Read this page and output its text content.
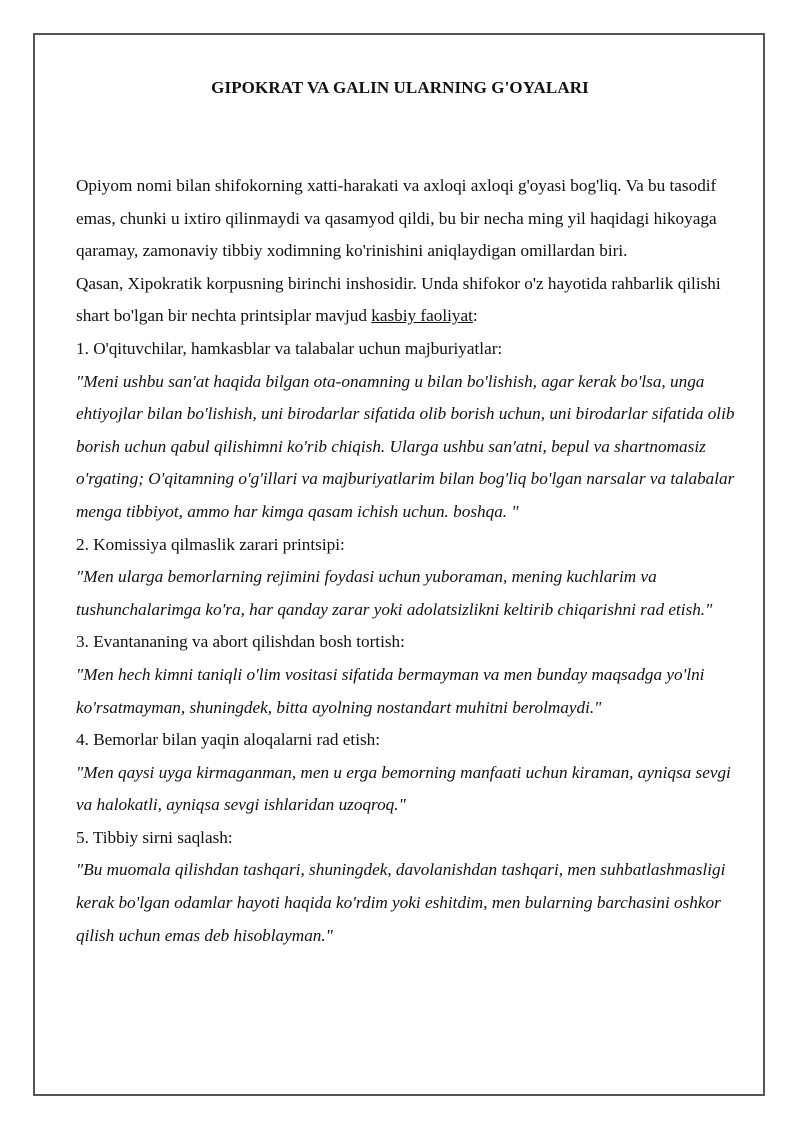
GIPOKRAT VA GALIN ULARNING G'OYALARI

Opiyom nomi bilan shifokorning xatti-harakati va axloqi axloqi g'oyasi bog'liq. Va bu tasodif emas, chunki u ixtiro qilinmaydi va qasamyod qildi, bu bir necha ming yil haqidagi hikoyaga qaramay, zamonaviy tibbiy xodimning ko'rinishini aniqlaydigan omillardan biri.

Qasan, Xipokratik korpusning birinchi inshosidir. Unda shifokor o'z hayotida rahbarlik qilishi shart bo'lgan bir nechta printsiplar mavjud kasbiy faoliyat:

1. O'qituvchilar, hamkasblar va talabalar uchun majburiyatlar:

"Meni ushbu san'at haqida bilgan ota-onamning u bilan bo'lishish, agar kerak bo'lsa, unga ehtiyojlar bilan bo'lishish, uni birodarlar sifatida olib borish uchun, uni birodarlar sifatida olib borish uchun qabul qilishimni ko'rib chiqish. Ularga ushbu san'atni, bepul va shartnomasiz o'rgating; O'qitamning o'g'illari va majburiyatlarim bilan bog'liq bo'lgan narsalar va talabalar menga tibbiyot, ammo har kimga qasam ichish uchun. boshqa. "

2. Komissiya qilmaslik zarari printsipi:

"Men ularga bemorlarning rejimini foydasi uchun yuboraman, mening kuchlarim va tushunchalarimga ko'ra, har qanday zarar yoki adolatsizlikni keltirib chiqarishni rad etish."

3. Evantananing va abort qilishdan bosh tortish:

"Men hech kimni taniqli o'lim vositasi sifatida bermayman va men bunday maqsadga yo'lni ko'rsatmayman, shuningdek, bitta ayolning nostandart muhitni berolmaydi."

4. Bemorlar bilan yaqin aloqalarni rad etish:

"Men qaysi uyga kirmaganman, men u erga bemorning manfaati uchun kiraman, ayniqsa sevgi va halokatli, ayniqsa sevgi ishlaridan uzoqroq."

5. Tibbiy sirni saqlash:

"Bu muomala qilishdan tashqari, shuningdek, davolanishdan tashqari, men suhbatlashmasligi kerak bo'lgan odamlar hayoti haqida ko'rdim yoki eshitdim, men bularning barchasini oshkor qilish uchun emas deb hisoblayman."
